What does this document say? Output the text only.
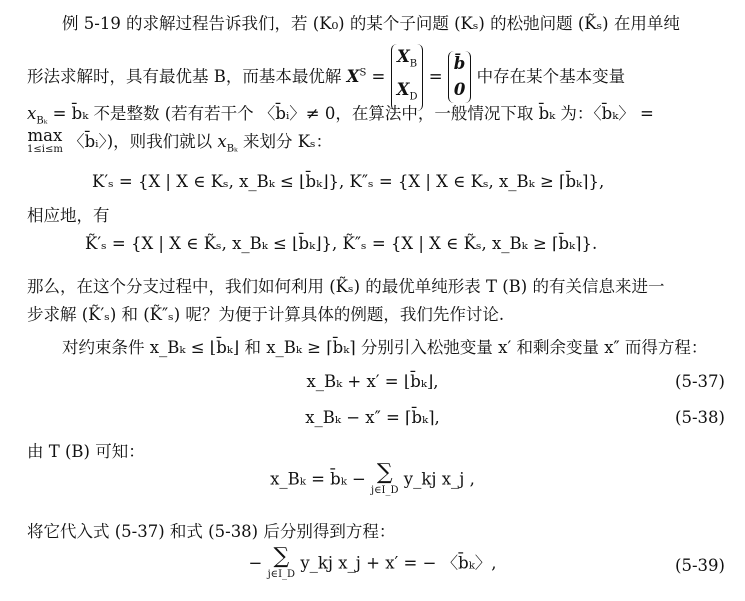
例 5-19 的求解过程告诉我们，若 (K₀) 的某个子问题 (Kₛ) 的松弛问题 (K̃ₛ) 在用单纯
形法求解时，具有最优基 B，而基本最优解 $X^S = X_B$
$X_D$ = b̄
0 中存在某个基本变量
$x_{B_k}$ = b̄ₖ 不是整数 (若有若干个 〈b̄ᵢ〉≠ 0，在算法中，一般情况下取 b̄ₖ 为：〈b̄ₖ〉 =
max

1≤i≤m 〈b̄ᵢ〉)，则我们就以 $x_{B_k}$ 来划分 Kₛ：
K′ₛ = {X | X ∈ Kₛ, x_Bₖ ≤ ⌊b̄ₖ⌋}, K″ₛ = {X | X ∈ Kₛ, x_Bₖ ≥ ⌈b̄ₖ⌉},
相应地，有
K̃′ₛ = {X | X ∈ K̃ₛ, x_Bₖ ≤ ⌊b̄ₖ⌋}, K̃″ₛ = {X | X ∈ K̃ₛ, x_Bₖ ≥ ⌈b̄ₖ⌉}.
那么，在这个分支过程中，我们如何利用 (K̃ₛ) 的最优单纯形表 T (B) 的有关信息来进一
步求解 (K̃′ₛ) 和 (K̃″ₛ) 呢？为便于计算具体的例题，我们先作讨论.
对约束条件 x_Bₖ ≤ ⌊b̄ₖ⌋ 和 x_Bₖ ≥ ⌈b̄ₖ⌉ 分别引入松弛变量 x′ 和剩余变量 x″ 而得方程：
x_Bₖ + x′ = ⌊b̄ₖ⌋,	(5-37)
x_Bₖ − x″ = ⌈b̄ₖ⌉,	(5-38)
由 T (B) 可知：
x_Bₖ = b̄ₖ − ∑
j∈I_D
y_kj x_j ,
将它代入式 (5-37) 和式 (5-38) 后分别得到方程：
− ∑
j∈I_D
y_kj x_j + x′ = − 〈b̄ₖ〉,	(5-39)
